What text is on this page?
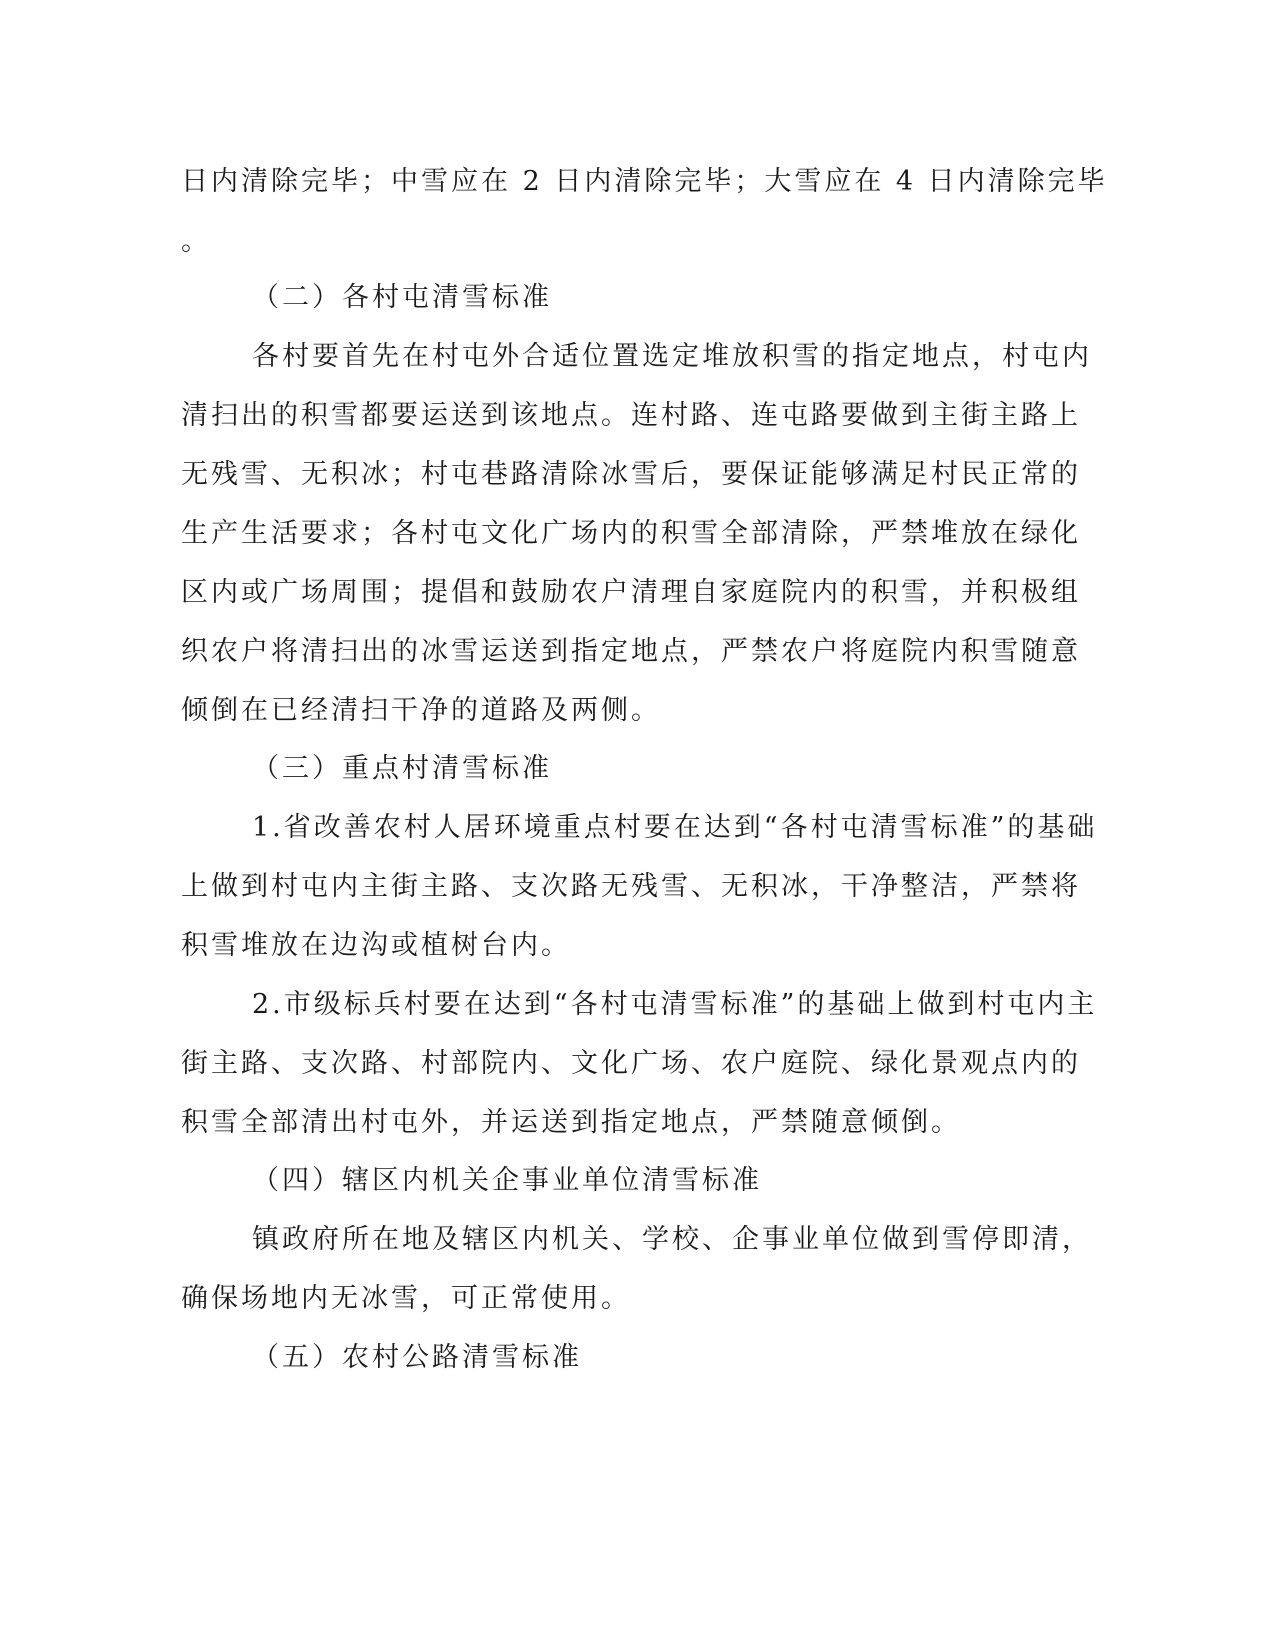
日内清除完毕；中雪应在 2 日内清除完毕；大雪应在 4 日内清除完毕
。
（二）各村屯清雪标准
各村要首先在村屯外合适位置选定堆放积雪的指定地点，村屯内
清扫出的积雪都要运送到该地点。连村路、连屯路要做到主街主路上
无残雪、无积冰；村屯巷路清除冰雪后，要保证能够满足村民正常的
生产生活要求；各村屯文化广场内的积雪全部清除，严禁堆放在绿化
区内或广场周围；提倡和鼓励农户清理自家庭院内的积雪，并积极组
织农户将清扫出的冰雪运送到指定地点，严禁农户将庭院内积雪随意
倾倒在已经清扫干净的道路及两侧。
（三）重点村清雪标准
1.省改善农村人居环境重点村要在达到“各村屯清雪标准”的基础
上做到村屯内主街主路、支次路无残雪、无积冰，干净整洁，严禁将
积雪堆放在边沟或植树台内。
2.市级标兵村要在达到“各村屯清雪标准”的基础上做到村屯内主
街主路、支次路、村部院内、文化广场、农户庭院、绿化景观点内的
积雪全部清出村屯外，并运送到指定地点，严禁随意倾倒。
（四）辖区内机关企事业单位清雪标准
镇政府所在地及辖区内机关、学校、企事业单位做到雪停即清，
确保场地内无冰雪，可正常使用。
（五）农村公路清雪标准
